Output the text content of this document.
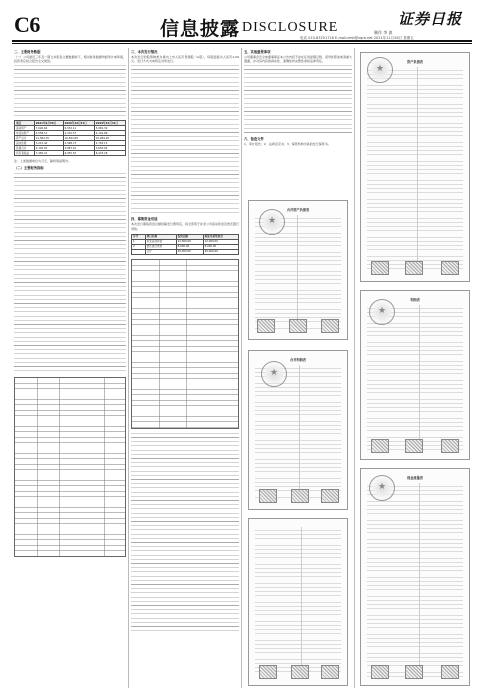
C6	信息披露 DISCLOSURE	证券日报
制作 李 波
电话 010-83251716 E-mail:zmb@zqrb.net 2021年11月26日 星期五
二、主要财务数据
（一）公司最近三年及一期合并报表主要数据如下，相关财务数据均经审计或审阅，投资者应结合报告全文阅读。
项目	2021年9月30日	2020年12月31日	2019年12月31日
流动资产	7,026.64	6,532.11	5,981.32
非流动资产	4,558.12	4,310.57	4,102.88
资产总计	11,584.76	10,842.68	10,084.20
流动负债	3,215.40	2,998.73	2,765.15
负债合计	4,102.55	3,887.16	3,650.92
所有者权益	7,482.21	6,955.52	6,433.28
注：上述数据单位为万元，除特别说明外。
（二）主要财务指标
三、本次发行情况
本次发行的股票种类为境内上市人民币普通股（A股），每股面值为人民币1.00元。发行方式为向特定对象发行。
四、募集资金用途
本次发行募集资金总额扣除发行费用后，将全部用于补充公司流动资金及偿还银行贷款。
序号	项目名称	投资总额	拟使用募集资金
1	补充流动资金	12,000.00	12,000.00
2	偿还银行贷款	8,000.00	8,000.00
	合计	20,000.00	20,000.00
五、其他重要事项
公司董事会及全体董事保证本公告内容不存在任何虚假记载、误导性陈述或者重大遗漏，并对其内容的真实性、准确性和完整性承担法律责任。
六、备查文件
1、审计报告；2、法律意见书；3、保荐机构出具的发行保荐书。
合并资产负债表
★
合并利润表
★
资产负债表
★
利润表
★
现金流量表
★
